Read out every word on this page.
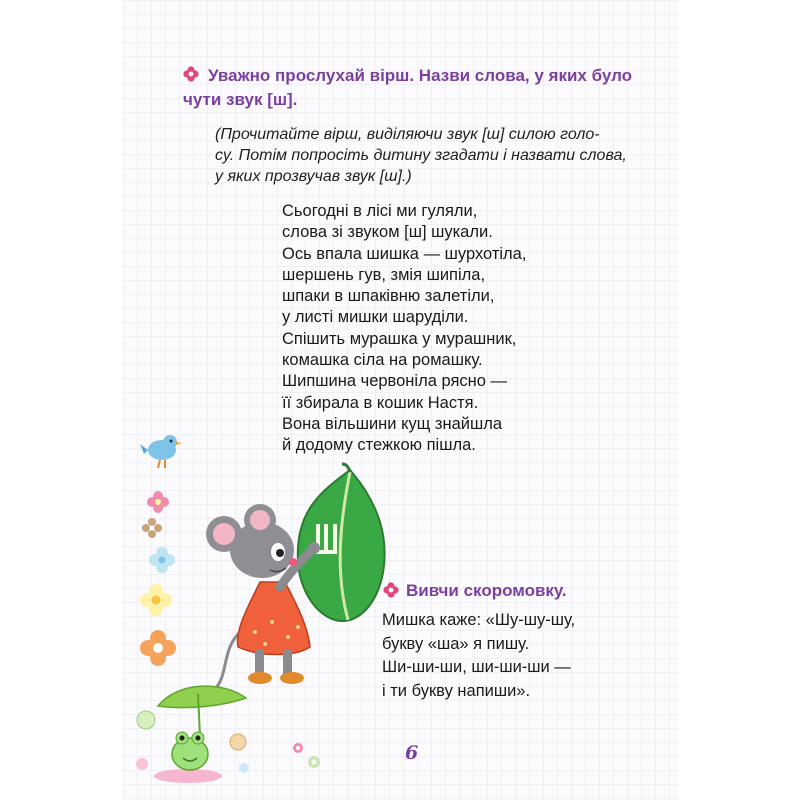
Уважно прослухай вірш. Назви слова, у яких було
чути звук [ш].
(Прочитайте вірш, виділяючи звук [ш] силою голо-
су. Потім попросіть дитину згадати і назвати слова,
у яких прозвучав звук [ш].)
Сьогодні в лісі ми гуляли,
слова зі звуком [ш] шукали.
Ось впала шишка — шурхотіла,
шершень гув, змія шипіла,
шпаки в шпаківню залетіли,
у листі мишки шаруділи.
Спішить мурашка у мурашник,
комашка сіла на ромашку.
Шипшина червоніла рясно —
її збирала в кошик Настя.
Вона вільшини кущ знайшла
й додому стежкою пішла.
Вивчи скоромовку.
Мишка каже: «Шу-шу-шу,
букву «ша» я пишу.
Ши-ши-ши, ши-ши-ши —
і ти букву напиши».
6
